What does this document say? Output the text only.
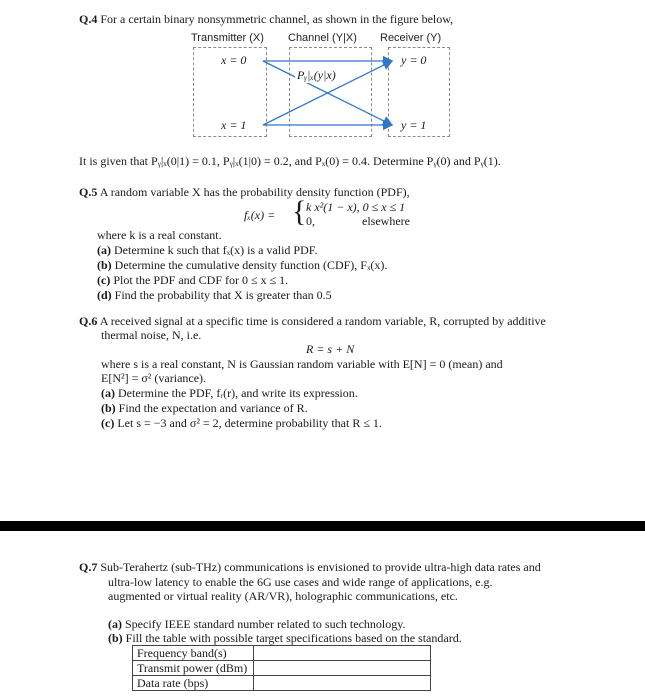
Q.4 For a certain binary nonsymmetric channel, as shown in the figure below,
Transmitter (X) Channel (Y|X) Receiver (Y)
x = 0
x = 1
y = 0
y = 1
Pᵧ|ₓ(y|x)
It is given that Pᵧ|ₓ(0|1) = 0.1, Pᵧ|ₓ(1|0) = 0.2, and Pₓ(0) = 0.4. Determine Pᵧ(0) and Pᵧ(1).
Q.5 A random variable X has the probability density function (PDF),
fₓ(x) = { k x²(1 − x), 0 ≤ x ≤ 1
0,	elsewhere
where k is a real constant.
(a) Determine k such that fₓ(x) is a valid PDF.
(b) Determine the cumulative density function (CDF), Fₓ(x).
(c) Plot the PDF and CDF for 0 ≤ x ≤ 1.
(d) Find the probability that X is greater than 0.5
Q.6 A received signal at a specific time is considered a random variable, R, corrupted by additive
thermal noise, N, i.e.
R = s + N
where s is a real constant, N is Gaussian random variable with E[N] = 0 (mean) and
E[N²] = σ² (variance).
(a) Determine the PDF, fᵣ(r), and write its expression.
(b) Find the expectation and variance of R.
(c) Let s = −3 and σ² = 2, determine probability that R ≤ 1.
Q.7 Sub-Terahertz (sub-THz) communications is envisioned to provide ultra-high data rates and
ultra-low latency to enable the 6G use cases and wide range of applications, e.g.
augmented or virtual reality (AR/VR), holographic communications, etc.
(a) Specify IEEE standard number related to such technology.
(b) Fill the table with possible target specifications based on the standard.
Frequency band(s)	
Transmit power (dBm)	
Data rate (bps)	
